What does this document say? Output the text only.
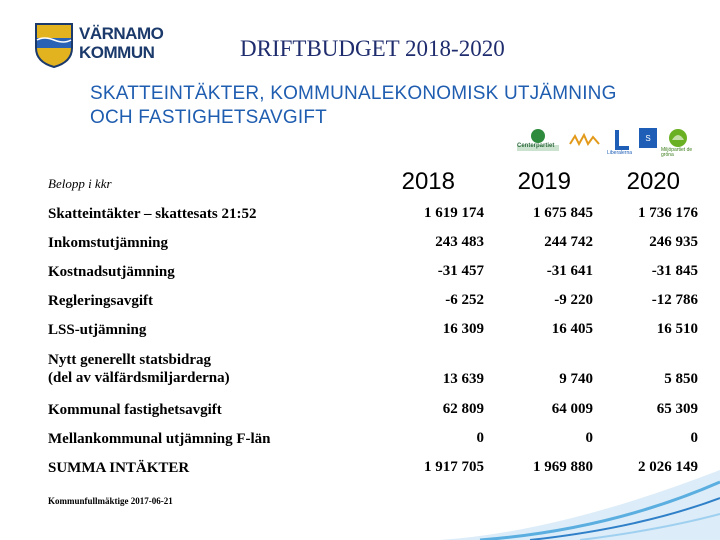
VÄRNAMO
KOMMUN	DRIFTBUDGET 2018-2020
SKATTEINTÄKTER, KOMMUNALEKONOMISK UTJÄMNING OCH FASTIGHETSAVGIFT
Centerpartiet
Liberalerna
S
Miljöpartiet de gröna
Belopp i kkr	2018	2019	2020
Skatteintäkter – skattesats 21:52	1 619 174	1 675 845	1 736 176
Inkomstutjämning	243 483	244 742	246 935
Kostnadsutjämning	-31 457	-31 641	-31 845
Regleringsavgift	-6 252	-9 220	-12 786
LSS-utjämning	16 309	16 405	16 510
Nytt generellt statsbidrag
(del av välfärdsmiljarderna)	13 639	9 740	5 850
Kommunal fastighetsavgift	62 809	64 009	65 309
Mellankommunal utjämning F-län	0	0	0
SUMMA INTÄKTER	1 917 705	1 969 880	2 026 149
Kommunfullmäktige 2017-06-21
